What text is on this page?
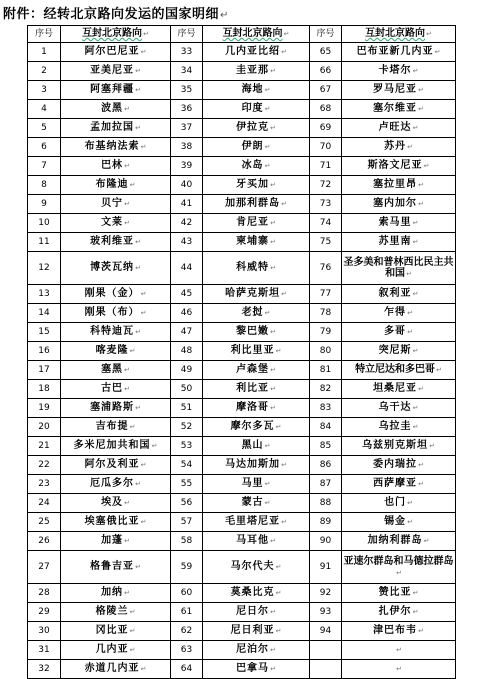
附件：经转北京路向发运的国家明细↵
序号	互封北京路向↵	序号	互封北京路向↵	序号	互封北京路向↵
1	阿尔巴尼亚↵	33	几内亚比绍↵	65	巴布亚新几内亚↵
2	亚美尼亚↵	34	圭亚那↵	66	卡塔尔↵
3	阿塞拜疆↵	35	海地↵	67	罗马尼亚↵
4	波黑↵	36	印度↵	68	塞尔维亚↵
5	孟加拉国↵	37	伊拉克↵	69	卢旺达↵
6	布基纳法索↵	38	伊朗↵	70	苏丹↵
7	巴林↵	39	冰岛↵	71	斯洛文尼亚↵
8	布隆迪↵	40	牙买加↵	72	塞拉里昂↵
9	贝宁↵	41	加那利群岛↵	73	塞内加尔↵
10	文莱↵	42	肯尼亚↵	74	索马里↵
11	玻利维亚↵	43	柬埔寨↵	75	苏里南↵
12	博茨瓦纳↵	44	科威特↵	76	圣多美和普林西比民主共和国↵
13	刚果（金）↵	45	哈萨克斯坦↵	77	叙利亚↵
14	刚果（布）↵	46	老挝↵	78	乍得↵
15	科特迪瓦↵	47	黎巴嫩↵	79	多哥↵
16	喀麦隆↵	48	利比里亚↵	80	突尼斯↵
17	塞黑↵	49	卢森堡↵	81	特立尼达和多巴哥↵
18	古巴↵	50	利比亚↵	82	坦桑尼亚↵
19	塞浦路斯↵	51	摩洛哥↵	83	乌干达↵
20	吉布提↵	52	摩尔多瓦↵	84	乌拉圭↵
21	多米尼加共和国↵	53	黑山↵	85	乌兹别克斯坦↵
22	阿尔及利亚↵	54	马达加斯加↵	86	委内瑞拉↵
23	厄瓜多尔↵	55	马里↵	87	西萨摩亚↵
24	埃及↵	56	蒙古↵	88	也门↵
25	埃塞俄比亚↵	57	毛里塔尼亚↵	89	锡金↵
26	加蓬↵	58	马耳他↵	90	加纳利群岛↵
27	格鲁吉亚↵	59	马尔代夫↵	91	亚速尔群岛和马德拉群岛↵
28	加纳↵	60	莫桑比克↵	92	赞比亚↵
29	格陵兰↵	61	尼日尔↵	93	扎伊尔↵
30	冈比亚↵	62	尼日利亚↵	94	津巴布韦↵
31	几内亚↵	63	尼泊尔↵		↵
32	赤道几内亚↵	64	巴拿马↵		↵
